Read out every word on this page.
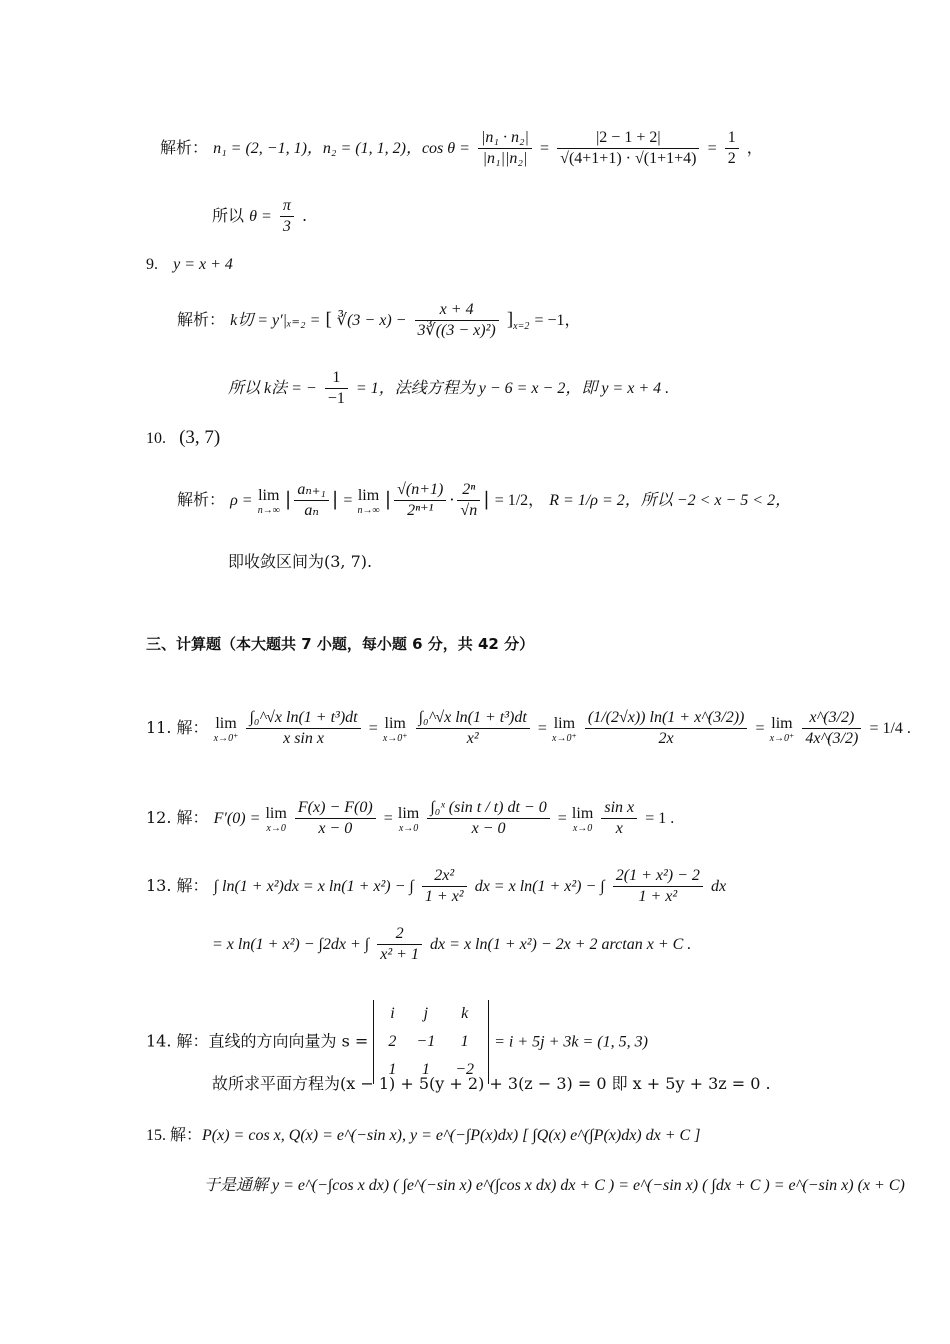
解析： n₁ = (2, −1, 1)，n₂ = (1, 1, 2)，$\cos \theta = \frac{\text{|n₁ · n₂|}}{\text{|n₁||n₂|}} = \frac{|2 - 1 + 2|}{√(4+1+1) \cdot √(1+1+4)} = \frac{1}{2}$ ，
所以 $\theta = \frac{\pi}{3}$ .
9. y = x + 4
解析： k切 = y′|ₓ₌₂ = [ ∛(3 − $x) - \frac{x + 4}{\text{3∛((3 − x)²)}} ]_{x=2} = -1$，
所以 k法 = − $\frac{1}{-1} = 1$，法线方程为 y − 6 = x − 2，即 y = x + 4 .
10. (3, 7)
解析： ρ = lim
n→∞ | $\frac{\text{aₙ₊₁}}{\text{aₙ}}$ | = lim
n→∞ | $\frac{√(n+1)}{\text{2ⁿ⁺¹}} \cdot \frac{\text{2ⁿ}}{√n}$ | = 1/2， R = 1/ρ = 2，所以 −2 < x − 5 < 2，
即收敛区间为(3, 7).
三、计算题（本大题共 7 小题，每小题 6 分，共 42 分）
11. 解： lim
x→0⁺
$\frac{\text{∫₀\textasciicircum{}√x ln(1 + t³)dt}}{\text{x sin x}} = \lim$
x→0⁺
$\frac{\text{∫₀\textasciicircum{}√x ln(1 + t³)dt}}{\text{x²}} = \lim$
x→0⁺
$\frac{(1/(2√x)) \ln(1 + x\^{}(3/2))}{2x} = \lim$
x→0⁺
$\frac{x\^{}(3/2)}{4x\^{}(3/2)} = 1/4$ .
12. 解： F′(0) = lim
x→0
$\frac{F(x) - F(0)}{x - 0} = \lim$
x→0
$\frac{\text{∫₀ˣ (sin t / t) dt − 0}}{x - 0} = \lim$
x→0
$\frac{\text{sin x}}{x} = 1$ .
13. 解： ∫ ln(1 + x²)dx = x ln(1 + x²) − ∫ $\frac{\text{2x²}}{\text{1 + x²}}$ dx = x ln(1 + x²) − ∫ $\frac{\text{2(1 + x²) − 2}}{\text{1 + x²}}$ dx
= x ln(1 + x²) − ∫2dx + ∫ $\frac{2}{\text{x² + 1}}$ dx = x ln(1 + x²) − 2x + 2 arctan x + C .
14. 解：直线的方向向量为 s =
i	j	k
2	−1	1
1	1	−2
= i + 5j + 3k = (1, 5, 3)
故所求平面方程为(x − 1) + 5(y + 2) + 3(z − 3) = 0 即 x + 5y + 3z = 0 .
15. 解：P(x) = cos x, Q(x) = e^(−sin x), y = e^(−∫P(x)dx) [ ∫Q(x) e^(∫P(x)dx) dx + C ]
于是通解 y = e^(−∫cos x dx) ( ∫e^(−sin x) e^(∫cos x dx) dx + C ) = e^(−sin x) ( ∫dx + C ) = e^(−sin x) (x + C)
